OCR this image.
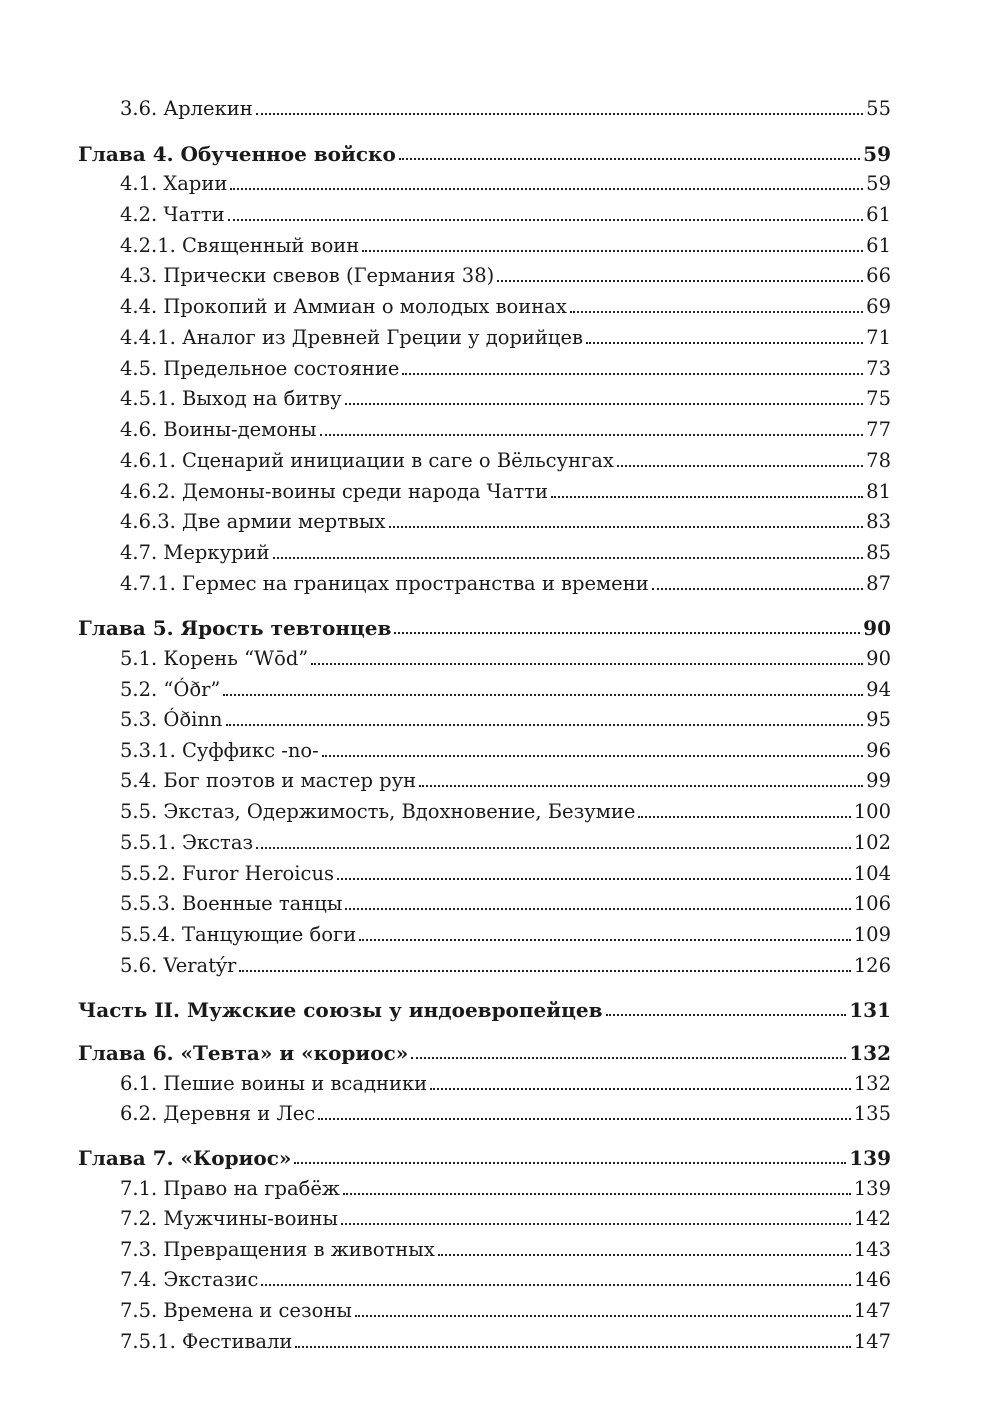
3.6. Арлекин	55
Глава 4. Обученное войско	59
4.1. Харии	59
4.2. Чатти	61
4.2.1. Священный воин	61
4.3. Прически свевов (Германия 38)	66
4.4. Прокопий и Аммиан о молодых воинах	69
4.4.1. Аналог из Древней Греции у дорийцев	71
4.5. Предельное состояние	73
4.5.1. Выход на битву	75
4.6. Воины-демоны	77
4.6.1. Сценарий инициации в саге о Вёльсунгах	78
4.6.2. Демоны-воины среди народа Чатти	81
4.6.3. Две армии мертвых	83
4.7. Меркурий	85
4.7.1. Гермес на границах пространства и времени	87
Глава 5. Ярость тевтонцев	90
5.1. Корень “Wōd”	90
5.2. “Óðr”	94
5.3. Óðinn	95
5.3.1. Суффикс -no-	96
5.4. Бог поэтов и мастер рун	99
5.5. Экстаз, Одержимость, Вдохновение, Безумие	100
5.5.1. Экстаз	102
5.5.2. Furor Heroicus	104
5.5.3. Военные танцы	106
5.5.4. Танцующие боги	109
5.6. Veratýr	126
Часть II. Мужские союзы у индоевропейцев	131
Глава 6. «Тевта» и «кориос»	132
6.1. Пешие воины и всадники	132
6.2. Деревня и Лес	135
Глава 7. «Кориос»	139
7.1. Право на грабёж	139
7.2. Мужчины-воины	142
7.3. Превращения в животных	143
7.4. Экстазис	146
7.5. Времена и сезоны	147
7.5.1. Фестивали	147
